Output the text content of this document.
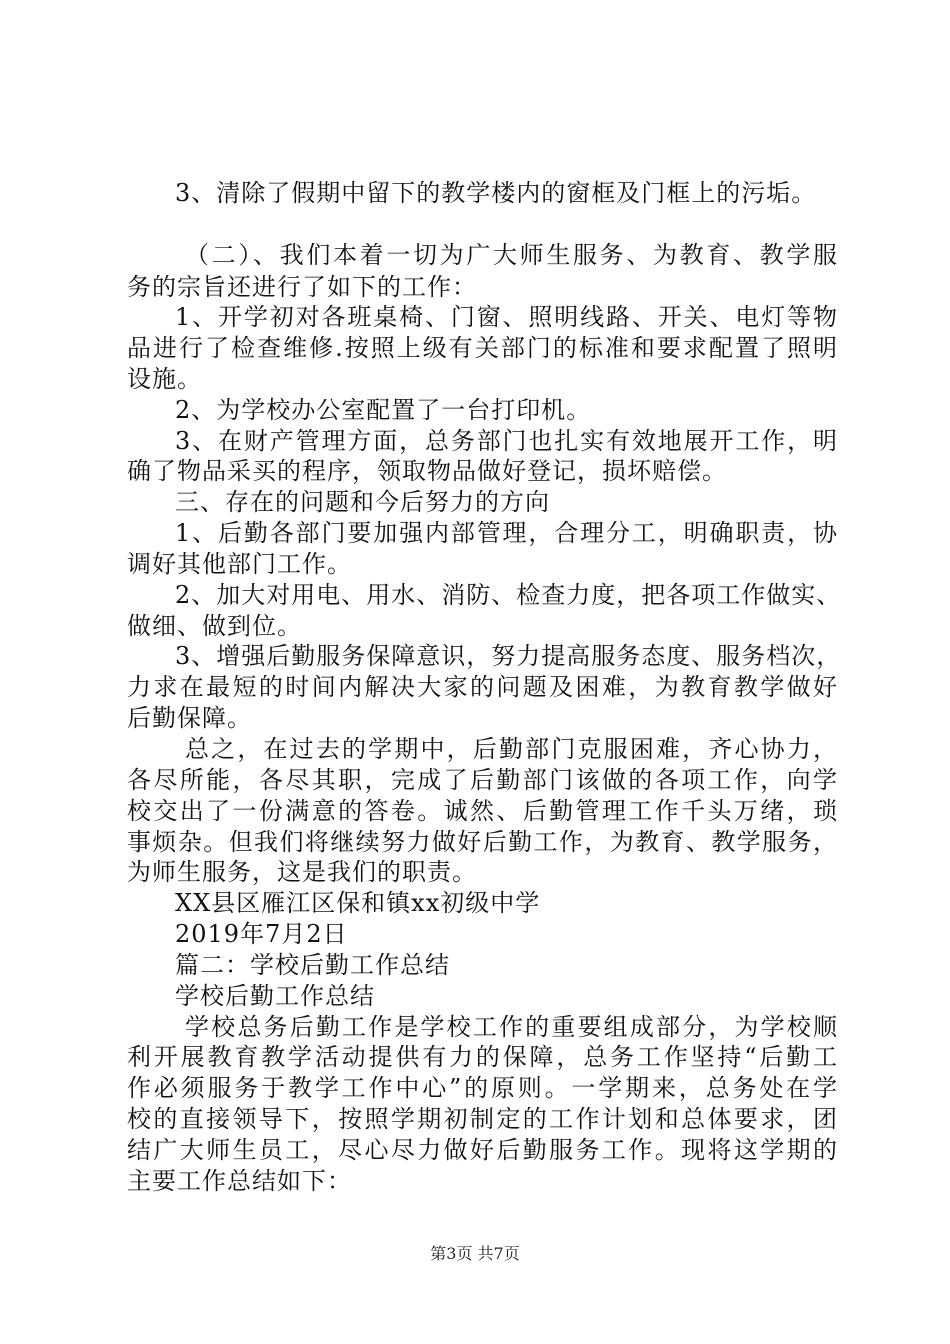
3、清除了假期中留下的教学楼内的窗框及门框上的污垢。
（二）、我们本着一切为广大师生服务、为教育、教学服
务的宗旨还进行了如下的工作：
1、开学初对各班桌椅、门窗、照明线路、开关、电灯等物
品进行了检查维修.按照上级有关部门的标准和要求配置了照明
设施。
2、为学校办公室配置了一台打印机。
3、在财产管理方面，总务部门也扎实有效地展开工作，明
确了物品采买的程序，领取物品做好登记，损坏赔偿。
三、存在的问题和今后努力的方向
1、后勤各部门要加强内部管理，合理分工，明确职责，协
调好其他部门工作。
2、加大对用电、用水、消防、检查力度，把各项工作做实、
做细、做到位。
3、增强后勤服务保障意识，努力提高服务态度、服务档次，
力求在最短的时间内解决大家的问题及困难，为教育教学做好
后勤保障。
总之，在过去的学期中，后勤部门克服困难，齐心协力，
各尽所能，各尽其职，完成了后勤部门该做的各项工作，向学
校交出了一份满意的答卷。诚然、后勤管理工作千头万绪，琐
事烦杂。但我们将继续努力做好后勤工作，为教育、教学服务，
为师生服务，这是我们的职责。
XX县区雁江区保和镇xx初级中学
2019年7月2日
篇二：学校后勤工作总结
学校后勤工作总结
学校总务后勤工作是学校工作的重要组成部分，为学校顺
利开展教育教学活动提供有力的保障，总务工作坚持“后勤工
作必须服务于教学工作中心”的原则。一学期来，总务处在学
校的直接领导下，按照学期初制定的工作计划和总体要求，团
结广大师生员工，尽心尽力做好后勤服务工作。现将这学期的
主要工作总结如下：
第3页 共7页
